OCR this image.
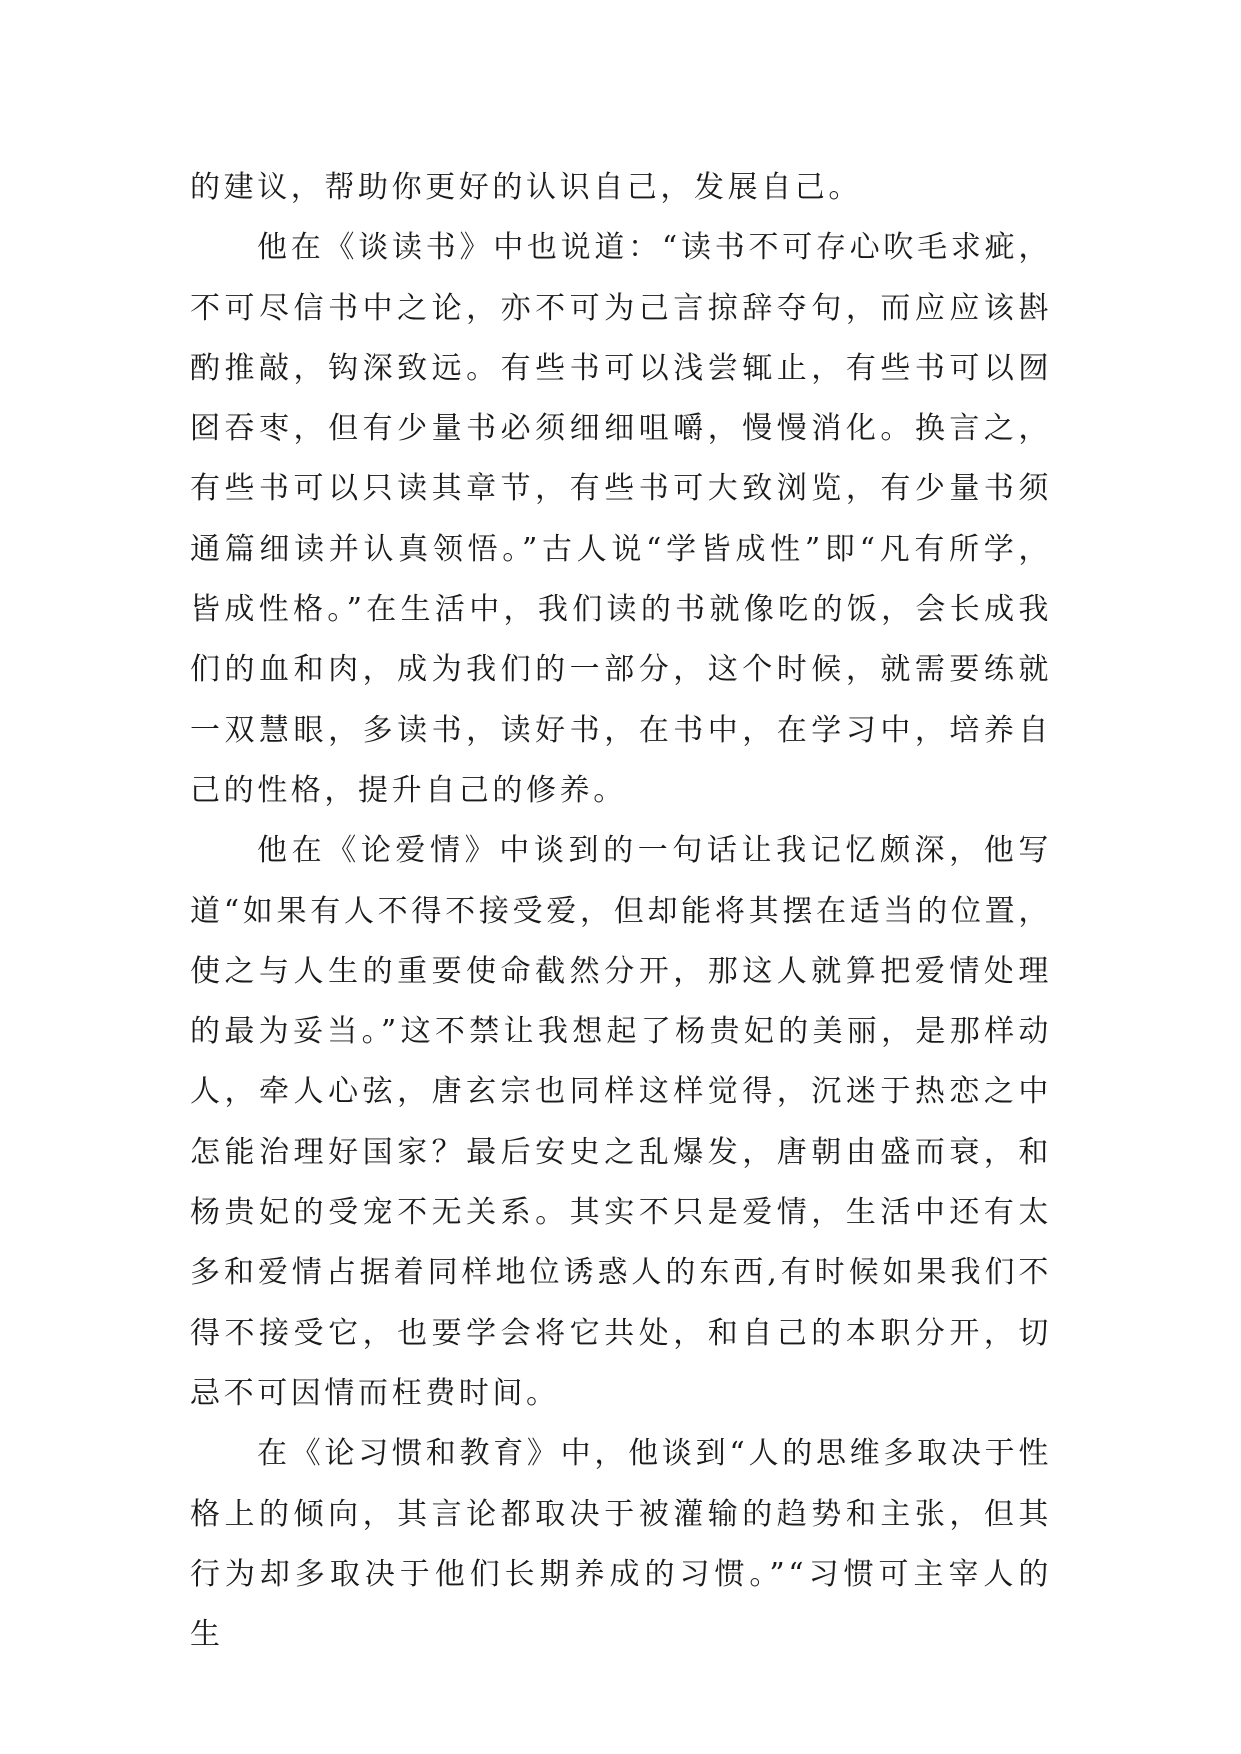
的建议，帮助你更好的认识自己，发展自己。

他在《谈读书》中也说道：“读书不可存心吹毛求疵，不可尽信书中之论，亦不可为己言掠辞夺句，而应应该斟酌推敲，钩深致远。有些书可以浅尝辄止，有些书可以囫囵吞枣，但有少量书必须细细咀嚼，慢慢消化。换言之，有些书可以只读其章节，有些书可大致浏览，有少量书须通篇细读并认真领悟。”古人说“学皆成性”即“凡有所学，皆成性格。”在生活中，我们读的书就像吃的饭，会长成我们的血和肉，成为我们的一部分，这个时候，就需要练就一双慧眼，多读书，读好书，在书中，在学习中，培养自己的性格，提升自己的修养。

他在《论爱情》中谈到的一句话让我记忆颇深，他写道“如果有人不得不接受爱，但却能将其摆在适当的位置，使之与人生的重要使命截然分开，那这人就算把爱情处理的最为妥当。”这不禁让我想起了杨贵妃的美丽，是那样动人，牵人心弦，唐玄宗也同样这样觉得，沉迷于热恋之中怎能治理好国家？最后安史之乱爆发，唐朝由盛而衰，和杨贵妃的受宠不无关系。其实不只是爱情，生活中还有太多和爱情占据着同样地位诱惑人的东西,有时候如果我们不得不接受它，也要学会将它共处，和自己的本职分开，切忌不可因情而枉费时间。

在《论习惯和教育》中，他谈到“人的思维多取决于性格上的倾向，其言论都取决于被灌输的趋势和主张，但其行为却多取决于他们长期养成的习惯。”“习惯可主宰人的生
